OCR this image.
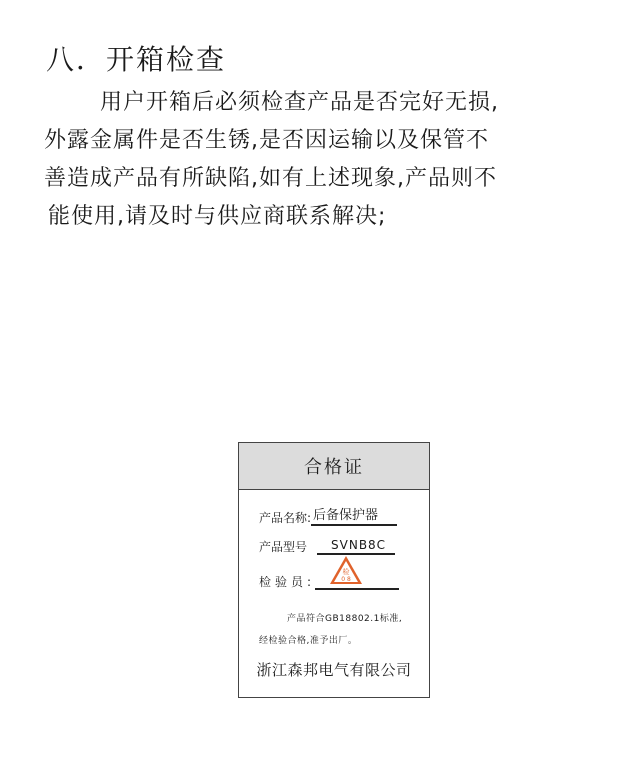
八．开箱检查
用户开箱后必须检查产品是否完好无损,
外露金属件是否生锈,是否因运输以及保管不
善造成产品有所缺陷,如有上述现象,产品则不
能使用,请及时与供应商联系解决;
合格证
产品名称: 后备保护器
产品型号	SVNB8C
检验员:
检
0 8
产品符合GB18802.1标准,
经检验合格,准予出厂。
浙江森邦电气有限公司
